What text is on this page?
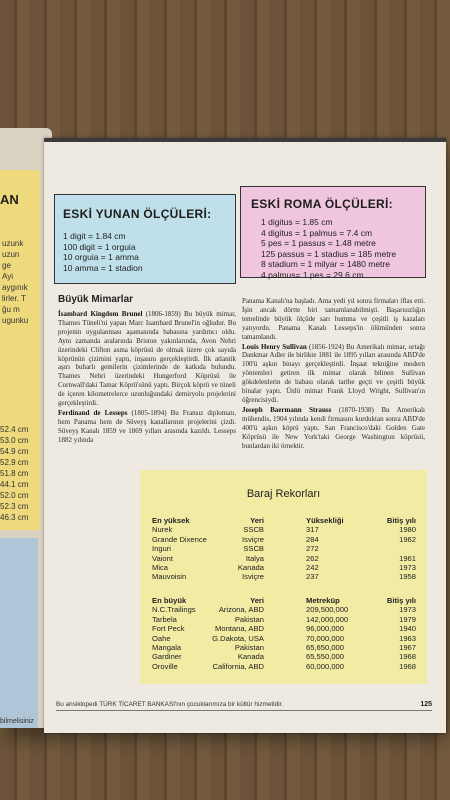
AN
uzunk
uzun
ge
Ayi
aygınık
lirler. T
ğu m
ugunku
52.4 cm
53.0 cm
54.9 cm
52.9 cm
51.8 cm
44.1 cm
52.0 cm
52.3 cm
46.3 cm
bilmelisiniz
ESKİ YUNAN ÖLÇÜLERİ:
1 digit = 1.84 cm
100 digit = 1 orguia
10 orguia = 1 amma
10 amma = 1 stadion
ESKİ ROMA ÖLÇÜLERİ:
1 digitus = 1.85 cm
4 digitus = 1 palmus = 7.4 cm
5 pes = 1 passus = 1.48 metre
125 passus = 1 stadius = 185 metre
8 stadium = 1 milyar = 1480 metre
4 palmus= 1 pes = 29.6 cm
Büyük Mimarlar

İsambard Kingdom Brunel (1806-1859) Bu büyük mimar, Thames Tüneli'ni yapan Marc Isambard Brunel'in oğludur. Bu projenin uygulanması aşamasında babasına yardımcı oldu. Aynı zamanda aralarında Briston yakınlarında, Avon Nehri üzerindeki Clifton asma köprüsü de olmak üzere çok sayıda köprünün çizimini yaptı, inşasını gerçekleştirdi. İlk atlantik aşırı buharlı gemilerin çizimlerinde de katkıda bulundu. Thames Nehri üzerindeki Hungerford Köprüsü ile Cornwall'daki Tamar Köprü'sünü yaptı. Birçok köprü ve tüneli de içeren kilometrelerce uzunluğundaki demiryolu projelerini gerçekleştirdi.

Ferdinand de Lesseps (1805-1894) Bu Fransız diplomatı, hem Panama hem de Süveyş kanallarının projelerini çizdi. Süveyş Kanalı 1859 ve 1869 yılları arasında kazıldı. Lesseps 1882 yılında

Panama Kanalı'na başladı. Ama yedi yıl sonra firmaları iflas etti. İşin ancak dörtte biri tamamlanabilmişti. Başarısızlığın temelinde büyük ölçüde sarı humma ve çeşitli iş kazaları yatıyordu. Panama Kanalı Lesseps'in ölümünden sonra tamamlandı.

Louis Henry Sullivan (1856-1924) Bu Amerikalı mimar, ortağı Dankmar Adler ile birlikte 1881 ile 1895 yılları arasında ABD'de 100'ü aşkın binayı gerçekleştirdi. İnşaat tekniğine modern yöntemleri getiren ilk mimar olarak bilinen Sullivan gökdelenlerin de babası olarak tarihe geçti ve çeşitli büyük binalar yaptı. Ünlü mimar Frank Lloyd Wright, Sullivan'ın öğrencisiydi.

Joseph Baermann Strauss (1870-1938) Bu Amerikalı mühendis, 1904 yılında kendi firmasını kurduktan sonra ABD'de 400'ü aşkın köprü yaptı. San Francisco'daki Golden Gate Köprüsü ile New York'taki George Washington köprüsü, bunlardan iki örnektir.

Baraj Rekorları
En yüksek	Yeri	Yüksekliği	Bitiş yılı
Nurek	SSCB	317	1980
Grande Dixence	Isviçre	284	1962
Inguri	SSCB	272
Vaiont	Italya	262	1961
Mica	Kanada	242	1973
Mauvoisin	Isviçre	237	1958
En büyük	Yeri	Metreküp	Bitiş yılı
N.C.Trailings	Arizona, ABD	209,500,000	1973
Tarbela	Pakistan	142,000,000	1979
Fort Peck	Montana, ABD	96,000,000	1940
Oahe	G.Dakota, USA	70,000,000	1963
Mangala	Pakistan	65,650,000	1967
Gardiner	Kanada	65,550,000	1968
Oroville	California, ABD	60,000,000	1968
Bu ansiklopedi TÜRK TİCARET BANKASI'nın çocuklarımıza bir kültür hizmetidir.	125
